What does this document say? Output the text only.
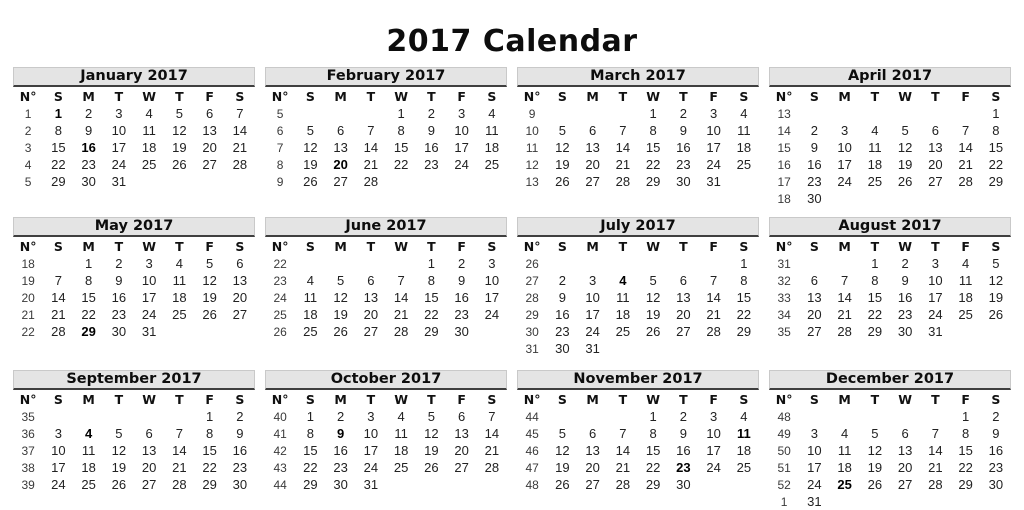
2017 Calendar
January 2017
N°	S	M	T	W	T	F	S
1	1	2	3	4	5	6	7
2	8	9	10	11	12	13	14
3	15	16	17	18	19	20	21
4	22	23	24	25	26	27	28
5	29	30	31				
February 2017
N°	S	M	T	W	T	F	S
5				1	2	3	4
6	5	6	7	8	9	10	11
7	12	13	14	15	16	17	18
8	19	20	21	22	23	24	25
9	26	27	28				
March 2017
N°	S	M	T	W	T	F	S
9				1	2	3	4
10	5	6	7	8	9	10	11
11	12	13	14	15	16	17	18
12	19	20	21	22	23	24	25
13	26	27	28	29	30	31	
April 2017
N°	S	M	T	W	T	F	S
13							1
14	2	3	4	5	6	7	8
15	9	10	11	12	13	14	15
16	16	17	18	19	20	21	22
17	23	24	25	26	27	28	29
18	30						
May 2017
N°	S	M	T	W	T	F	S
18		1	2	3	4	5	6
19	7	8	9	10	11	12	13
20	14	15	16	17	18	19	20
21	21	22	23	24	25	26	27
22	28	29	30	31			
June 2017
N°	S	M	T	W	T	F	S
22					1	2	3
23	4	5	6	7	8	9	10
24	11	12	13	14	15	16	17
25	18	19	20	21	22	23	24
26	25	26	27	28	29	30	
July 2017
N°	S	M	T	W	T	F	S
26							1
27	2	3	4	5	6	7	8
28	9	10	11	12	13	14	15
29	16	17	18	19	20	21	22
30	23	24	25	26	27	28	29
31	30	31					
August 2017
N°	S	M	T	W	T	F	S
31			1	2	3	4	5
32	6	7	8	9	10	11	12
33	13	14	15	16	17	18	19
34	20	21	22	23	24	25	26
35	27	28	29	30	31		
September 2017
N°	S	M	T	W	T	F	S
35						1	2
36	3	4	5	6	7	8	9
37	10	11	12	13	14	15	16
38	17	18	19	20	21	22	23
39	24	25	26	27	28	29	30
October 2017
N°	S	M	T	W	T	F	S
40	1	2	3	4	5	6	7
41	8	9	10	11	12	13	14
42	15	16	17	18	19	20	21
43	22	23	24	25	26	27	28
44	29	30	31				
November 2017
N°	S	M	T	W	T	F	S
44				1	2	3	4
45	5	6	7	8	9	10	11
46	12	13	14	15	16	17	18
47	19	20	21	22	23	24	25
48	26	27	28	29	30		
December 2017
N°	S	M	T	W	T	F	S
48						1	2
49	3	4	5	6	7	8	9
50	10	11	12	13	14	15	16
51	17	18	19	20	21	22	23
52	24	25	26	27	28	29	30
1	31						
